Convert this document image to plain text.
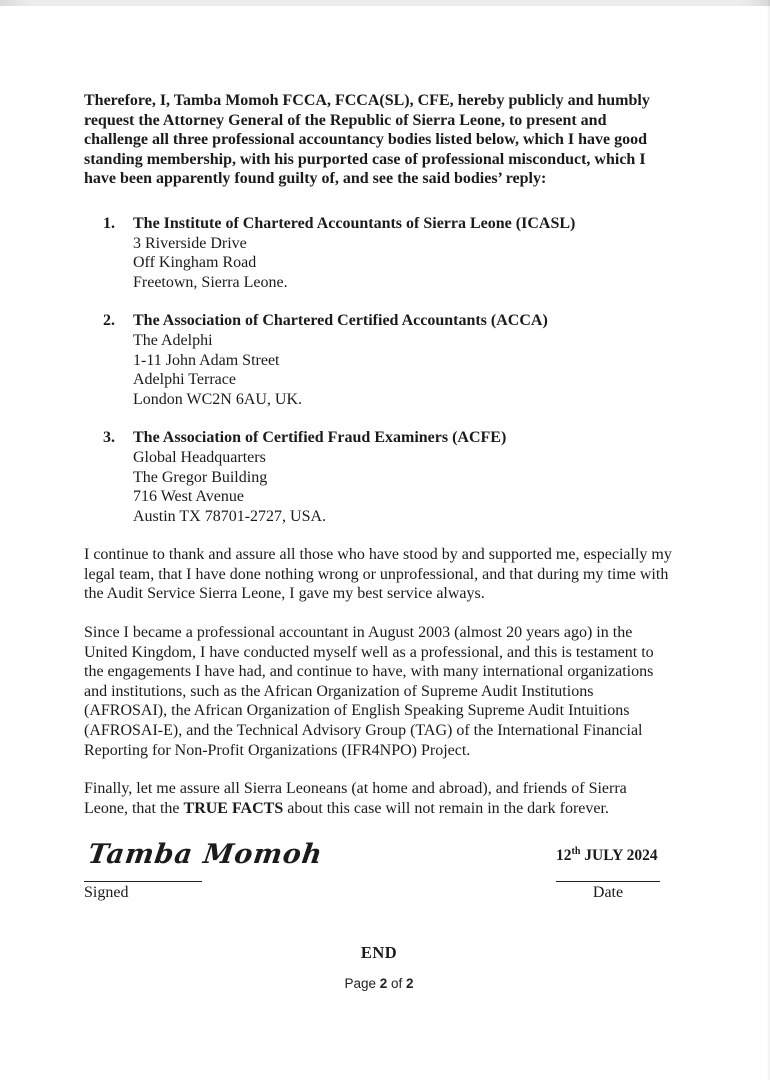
Therefore, I, Tamba Momoh FCCA, FCCA(SL), CFE, hereby publicly and humbly request the Attorney General of the Republic of Sierra Leone, to present and challenge all three professional accountancy bodies listed below, which I have good standing membership, with his purported case of professional misconduct, which I have been apparently found guilty of, and see the said bodies’ reply:

1. The Institute of Chartered Accountants of Sierra Leone (ICASL)
3 Riverside Drive
Off Kingham Road
Freetown, Sierra Leone.
2. The Association of Chartered Certified Accountants (ACCA)
The Adelphi
1-11 John Adam Street
Adelphi Terrace
London WC2N 6AU, UK.
3. The Association of Certified Fraud Examiners (ACFE)
Global Headquarters
The Gregor Building
716 West Avenue
Austin TX 78701-2727, USA.

I continue to thank and assure all those who have stood by and supported me, especially my legal team, that I have done nothing wrong or unprofessional, and that during my time with the Audit Service Sierra Leone, I gave my best service always.

Since I became a professional accountant in August 2003 (almost 20 years ago) in the United Kingdom, I have conducted myself well as a professional, and this is testament to the engagements I have had, and continue to have, with many international organizations and institutions, such as the African Organization of Supreme Audit Institutions (AFROSAI), the African Organization of English Speaking Supreme Audit Intuitions (AFROSAI-E), and the Technical Advisory Group (TAG) of the International Financial Reporting for Non-Profit Organizations (IFR4NPO) Project.

Finally, let me assure all Sierra Leoneans (at home and abroad), and friends of Sierra Leone, that the TRUE FACTS about this case will not remain in the dark forever.

Tamba Momoh
Signed
12th JULY 2024
Date
END
Page 2 of 2
